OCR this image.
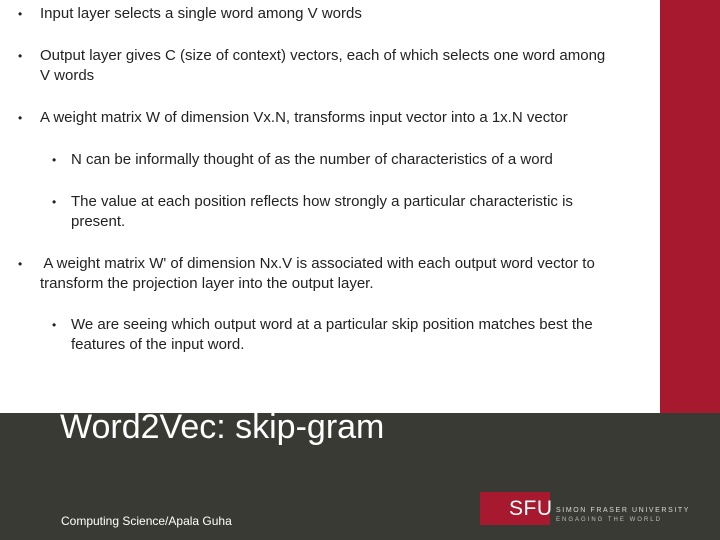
• Input layer selects a single word among V words
• Output layer gives C (size of context) vectors, each of which selects one word among
V words
• A weight matrix W of dimension Vx.N, transforms input vector into a 1x.N vector
• N can be informally thought of as the number of characteristics of a word
• The value at each position reflects how strongly a particular characteristic is
present.
• A weight matrix W' of dimension Nx.V is associated with each output word vector to
transform the projection layer into the output layer.
• We are seeing which output word at a particular skip position matches best the
features of the input word.
Word2Vec: skip-gram
Computing Science/Apala Guha
SFU SIMON FRASER UNIVERSITY
ENGAGING THE WORLD
